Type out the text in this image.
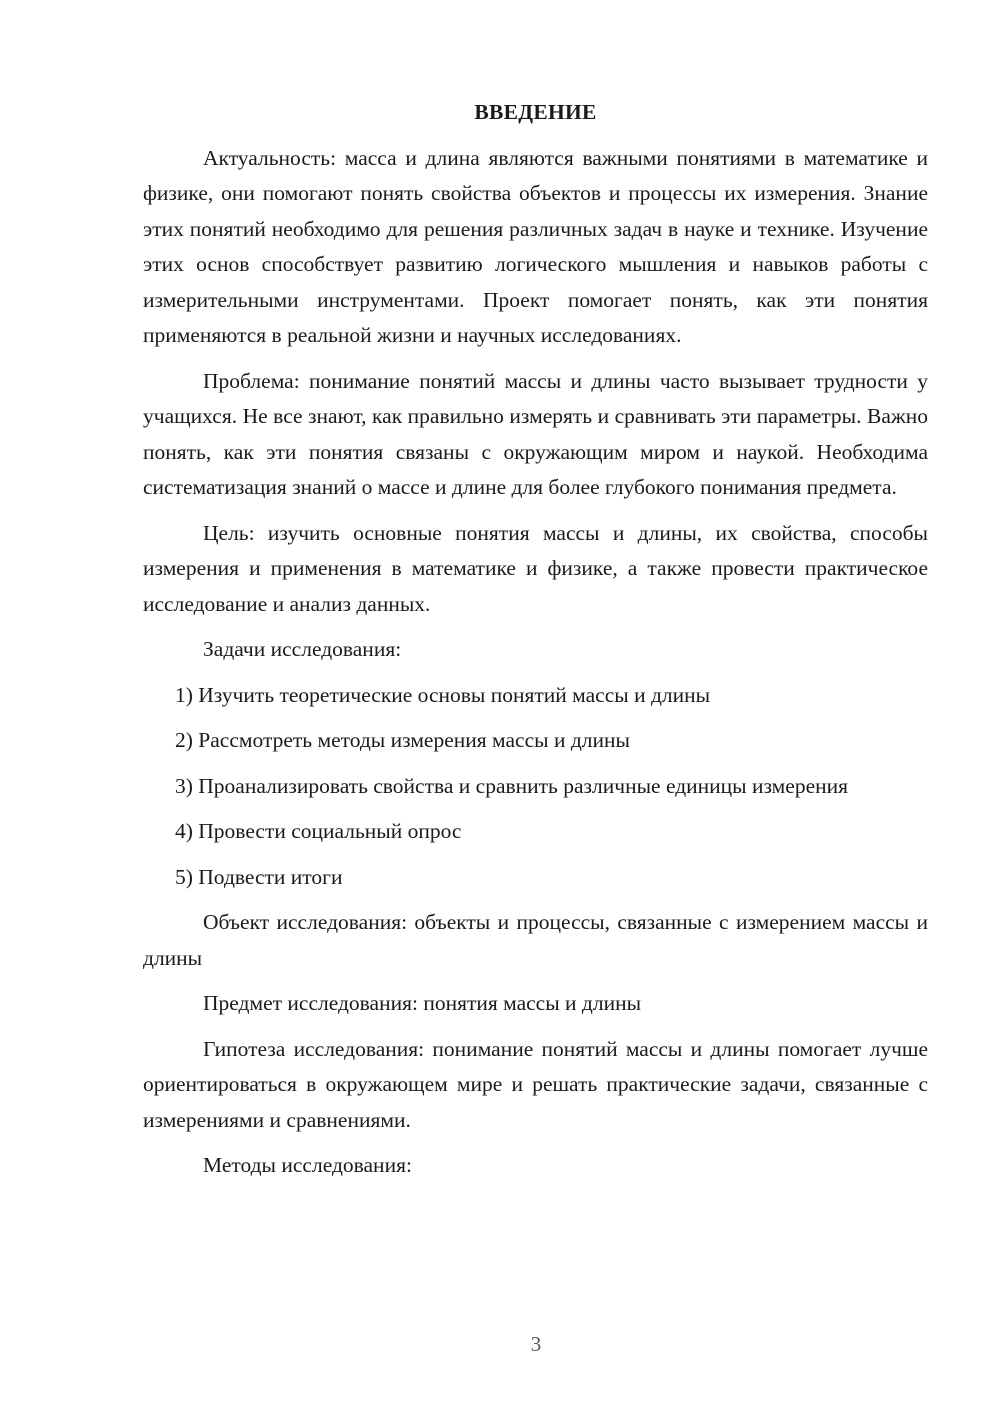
ВВЕДЕНИЕ
Актуальность: масса и длина являются важными понятиями в математике и физике, они помогают понять свойства объектов и процессы их измерения. Знание этих понятий необходимо для решения различных задач в науке и технике. Изучение этих основ способствует развитию логического мышления и навыков работы с измерительными инструментами. Проект помогает понять, как эти понятия применяются в реальной жизни и научных исследованиях.
Проблема: понимание понятий массы и длины часто вызывает трудности у учащихся. Не все знают, как правильно измерять и сравнивать эти параметры. Важно понять, как эти понятия связаны с окружающим миром и наукой. Необходима систематизация знаний о массе и длине для более глубокого понимания предмета.
Цель: изучить основные понятия массы и длины, их свойства, способы измерения и применения в математике и физике, а также провести практическое исследование и анализ данных.
Задачи исследования:
1) Изучить теоретические основы понятий массы и длины
2) Рассмотреть методы измерения массы и длины
3) Проанализировать свойства и сравнить различные единицы измерения
4) Провести социальный опрос
5) Подвести итоги
Объект исследования: объекты и процессы, связанные с измерением массы и длины
Предмет исследования: понятия массы и длины
Гипотеза исследования: понимание понятий массы и длины помогает лучше ориентироваться в окружающем мире и решать практические задачи, связанные с измерениями и сравнениями.
Методы исследования:
3
